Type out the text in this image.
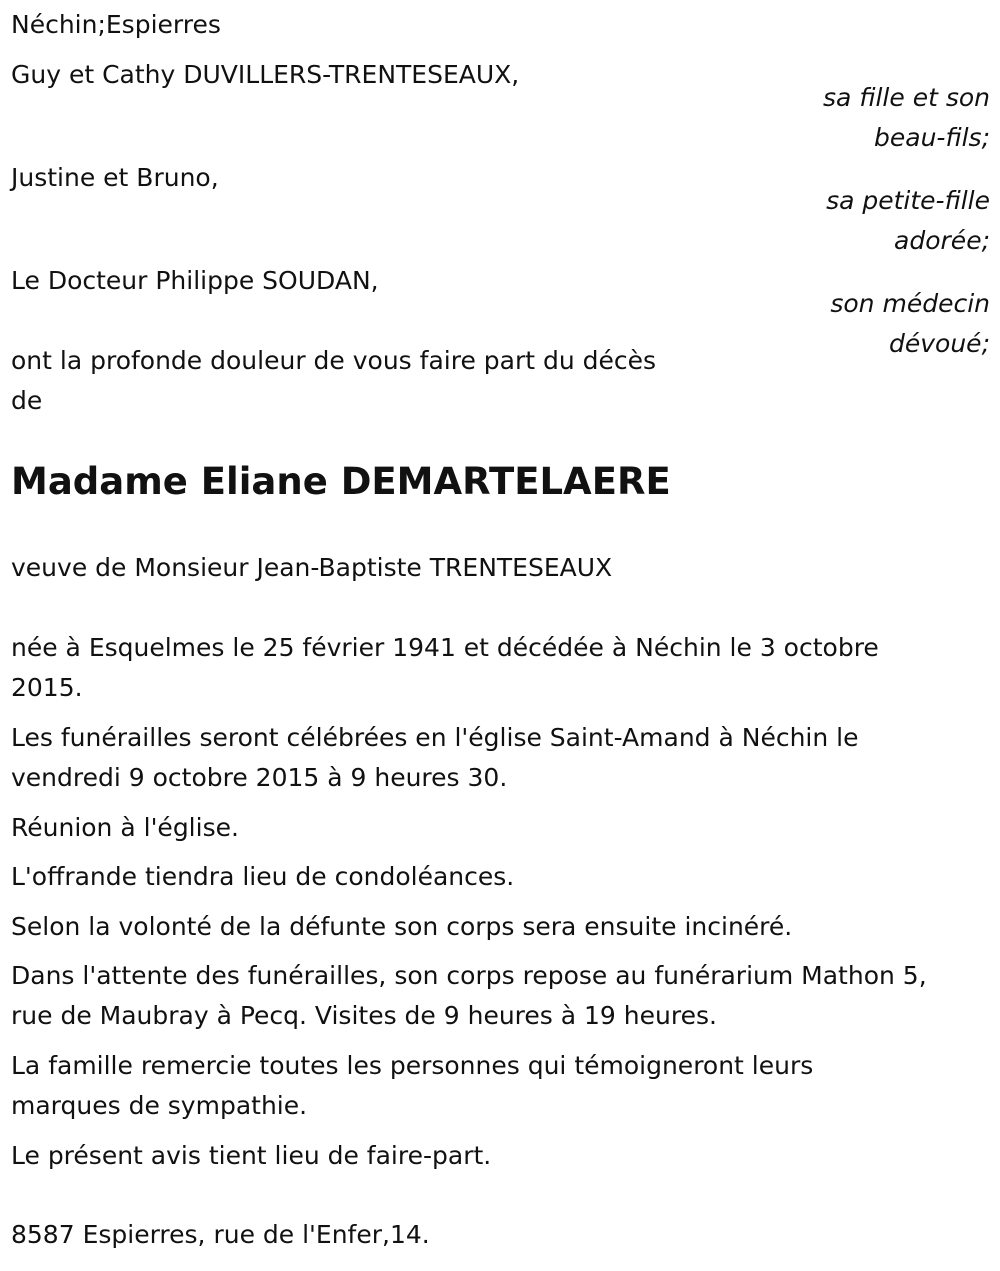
Néchin;Espierres

Guy et Cathy DUVILLERS-TRENTESEAUX,

sa fille et son
beau-fils;

Justine et Bruno,

sa petite-fille
adorée;

Le Docteur Philippe SOUDAN,

son médecin
dévoué;
ont la profonde douleur de vous faire part du décès
de
Madame Eliane DEMARTELAERE

veuve de Monsieur Jean-Baptiste TRENTESEAUX

née à Esquelmes le 25 février 1941 et décédée à Néchin le 3 octobre
2015.
Les funérailles seront célébrées en l'église Saint-Amand à Néchin le
vendredi 9 octobre 2015 à 9 heures 30.

Réunion à l'église.

L'offrande tiendra lieu de condoléances.

Selon la volonté de la défunte son corps sera ensuite incinéré.

Dans l'attente des funérailles, son corps repose au funérarium Mathon 5,
rue de Maubray à Pecq. Visites de 9 heures à 19 heures.
La famille remercie toutes les personnes qui témoigneront leurs
marques de sympathie.

Le présent avis tient lieu de faire-part.

8587 Espierres, rue de l'Enfer,14.
